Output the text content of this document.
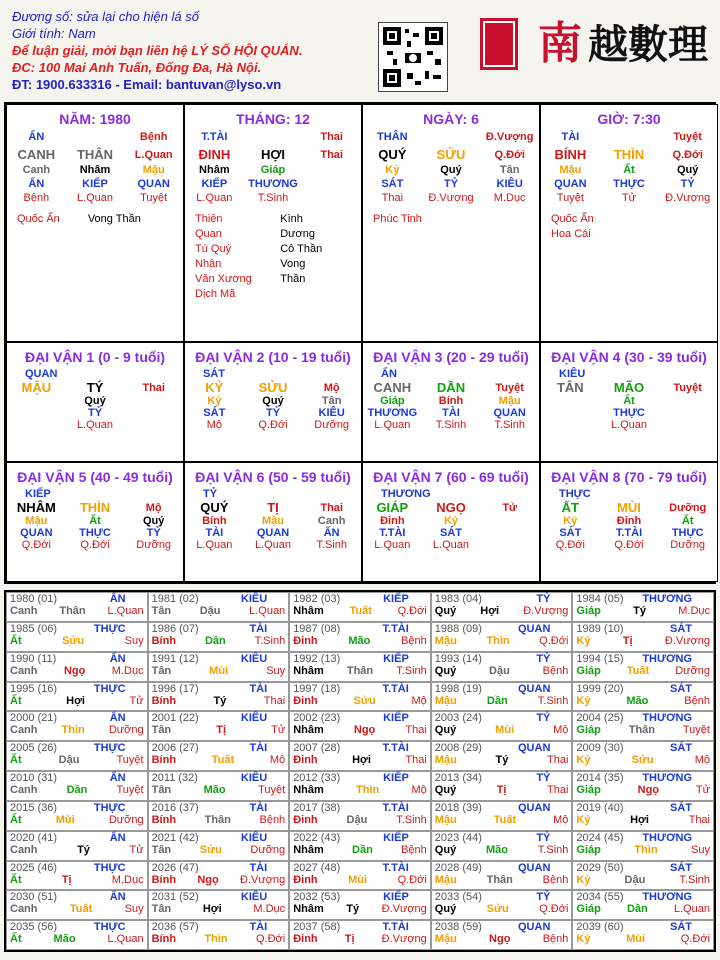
Đương số: sửa lại cho hiện lá số
Giới tính: Nam
Để luận giải, mời bạn liên hệ LÝ SỐ HỘI QUÁN.
ĐC: 100 Mai Anh Tuấn, Đống Đa, Hà Nội.
ĐT: 1900.633316 - Email: bantuvan@lyso.vn
南 越數理
NĂM: 1980
ẤN	Bệnh
CANH	THÂN	L.Quan
Canh	Nhâm	Mậu
ẤN	KIẾP	QUAN
Bệnh	L.Quan	Tuyệt
Quốc Ấn	Vong Thần
THÁNG: 12
T.TÀI	Thai
ĐINH	HỢI	Thai
Nhâm	Giáp
KIẾP	THƯƠNG
L.Quan	T.Sinh
Thiên Quan
Tú Quý Nhân
Văn Xương
Dịch Mã
Kình Dương
Cô Thần
Vong Thần
NGÀY: 6
THÂN	Đ.Vượng
QUÝ	SỬU	Q.Đới
Kỷ	Quý	Tân
SÁT	TỶ	KIÊU
Thai	Đ.Vượng	M.Dục
Phúc Tinh
GIỜ: 7:30
TÀI	Tuyệt
BÍNH	THÌN	Q.Đới
Mậu	Ất	Quý
QUAN	THỰC	TỶ
Tuyệt	Tử	Đ.Vượng
Quốc Ấn
Hoa Cái
ĐẠI VẬN 1 (0 - 9 tuổi)
QUAN
MẬU	TÝ	Thai
Quý
TỶ
L.Quan
ĐẠI VẬN 2 (10 - 19 tuổi)
SÁT
KỶ	SỬU	Mộ
Kỷ	Quý	Tân
SÁT	TỶ	KIÊU
Mộ	Q.Đới	Dưỡng
ĐẠI VẬN 3 (20 - 29 tuổi)
ẤN
CANH	DẦN	Tuyệt
Giáp	Bính	Mậu
THƯƠNG	TÀI	QUAN
L.Quan	T.Sinh	T.Sinh
ĐẠI VẬN 4 (30 - 39 tuổi)
KIÊU
TÂN	MÃO	Tuyệt
Ất
THỰC
L.Quan
ĐẠI VẬN 5 (40 - 49 tuổi)
KIẾP
NHÂM	THÌN	Mộ
Mậu	Ất	Quý
QUAN	THỰC	TỶ
Q.Đới	Q.Đới	Dưỡng
ĐẠI VẬN 6 (50 - 59 tuổi)
TỶ
QUÝ	TỊ	Thai
Bính	Mậu	Canh
TÀI	QUAN	ẤN
L.Quan	L.Quan	T.Sinh
ĐẠI VẬN 7 (60 - 69 tuổi)
THƯƠNG
GIÁP	NGỌ	Tử
Đinh	Kỷ
T.TÀI	SÁT
L.Quan	L.Quan
ĐẠI VẬN 8 (70 - 79 tuổi)
THỰC
ẤT	MÙI	Dưỡng
Kỷ	Đinh	Ất
SÁT	T.TÀI	THỰC
Q.Đới	Q.Đới	Dưỡng
1980 (01)	ẤN
Canh Thân L.Quan
1981 (02)	KIÊU
Tân	Dậu	L.Quan
1982 (03)	KIẾP
Nhâm Tuất Q.Đới
1983 (04)	TỶ
Quý Hợi Đ.Vượng
1984 (05) THƯƠNG
Giáp	Tý	M.Dục
1985 (06)	THỰC
Ất	Sửu	Suy
1986 (07)	TÀI
Bính	Dần	T.Sinh
1987 (08)	T.TÀI
Đinh	Mão	Bệnh
1988 (09)	QUAN
Mậu	Thìn	Q.Đới
1989 (10)	SÁT
Kỷ	Tị	Đ.Vượng
1990 (11)	ẤN
Canh Ngọ M.Dục
1991 (12)	KIÊU
Tân	Mùi	Suy
1992 (13)	KIẾP
Nhâm Thân T.Sinh
1993 (14)	TỶ
Quý	Dậu	Bệnh
1994 (15) THƯƠNG
Giáp Tuất Dưỡng
1995 (16)	THỰC
Ất	Hợi	Tử
1996 (17)	TÀI
Bính	Tý	Thai
1997 (18)	T.TÀI
Đinh	Sửu	Mộ
1998 (19)	QUAN
Mậu	Dần	T.Sinh
1999 (20)	SÁT
Kỷ	Mão	Bệnh
2000 (21)	ẤN
Canh Thìn Dưỡng
2001 (22)	KIÊU
Tân	Tị	Tử
2002 (23)	KIẾP
Nhâm	Ngọ	Thai
2003 (24)	TỶ
Quý	Mùi	Mộ
2004 (25) THƯƠNG
Giáp	Thân	Tuyệt
2005 (26)	THỰC
Ất	Dậu	Tuyệt
2006 (27)	TÀI
Bính	Tuất	Mộ
2007 (28)	T.TÀI
Đinh	Hợi	Thai
2008 (29)	QUAN
Mậu	Tý	Thai
2009 (30)	SÁT
Kỷ	Sửu	Mộ
2010 (31)	ẤN
Canh	Dần	Tuyệt
2011 (32)	KIÊU
Tân	Mão	Tuyệt
2012 (33)	KIẾP
Nhâm	Thìn	Mộ
2013 (34)	TỶ
Quý	Tị	Thai
2014 (35) THƯƠNG
Giáp	Ngọ	Tử
2015 (36)	THỰC
Ất	Mùi	Dưỡng
2016 (37)	TÀI
Bính	Thân	Bệnh
2017 (38)	T.TÀI
Đinh	Dậu	T.Sinh
2018 (39)	QUAN
Mậu	Tuất	Mộ
2019 (40)	SÁT
Kỷ	Hợi	Thai
2020 (41)	ẤN
Canh	Tý	Tử
2021 (42)	KIÊU
Tân	Sửu	Dưỡng
2022 (43)	KIẾP
Nhâm	Dần	Bệnh
2023 (44)	TỶ
Quý	Mão	T.Sinh
2024 (45) THƯƠNG
Giáp	Thìn	Suy
2025 (46)	THỰC
Ất	Tị	M.Dục
2026 (47)	TÀI
Bính Ngọ Đ.Vượng
2027 (48)	T.TÀI
Đinh	Mùi	Q.Đới
2028 (49)	QUAN
Mậu	Thân	Bệnh
2029 (50)	SÁT
Kỷ	Dậu	T.Sinh
2030 (51)	ẤN
Canh	Tuất	Suy
2031 (52)	KIÊU
Tân	Hợi	M.Dục
2032 (53)	KIẾP
Nhâm Tý Đ.Vượng
2033 (54)	TỶ
Quý	Sửu	Q.Đới
2034 (55) THƯƠNG
Giáp Dần L.Quan
2035 (56)	THỰC
Ất	Mão	L.Quan
2036 (57)	TÀI
Bính	Thìn	Q.Đới
2037 (58)	T.TÀI
Đinh Tị Đ.Vượng
2038 (59)	QUAN
Mậu	Ngọ	Bệnh
2039 (60)	SÁT
Kỷ	Mùi	Q.Đới
